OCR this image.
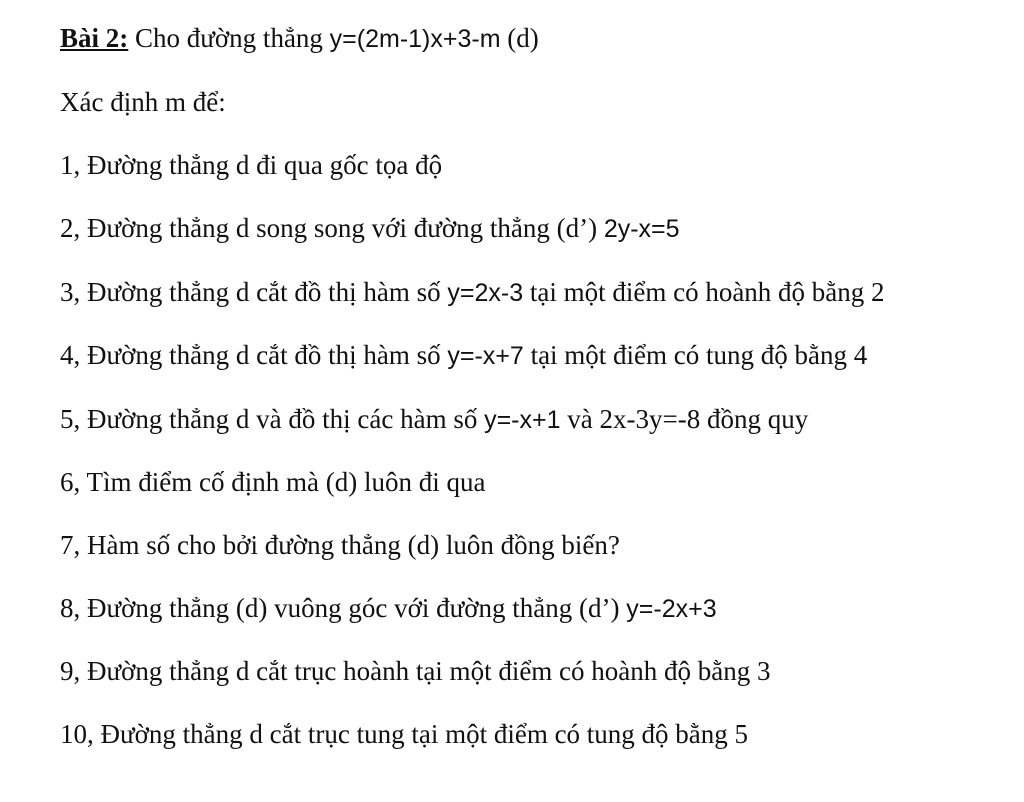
Bài 2: Cho đường thẳng y=(2m-1)x+3-m (d)
Xác định m để:
1, Đường thẳng d đi qua gốc tọa độ
2, Đường thẳng d song song với đường thẳng (d’) 2y-x=5
3, Đường thẳng d cắt đồ thị hàm số y=2x-3 tại một điểm có hoành độ bằng 2
4, Đường thẳng d cắt đồ thị hàm số y=-x+7 tại một điểm có tung độ bằng 4
5, Đường thẳng d và đồ thị các hàm số y=-x+1 và 2x-3y=-8 đồng quy
6, Tìm điểm cố định mà (d) luôn đi qua
7, Hàm số cho bởi đường thẳng (d) luôn đồng biến?
8, Đường thẳng (d) vuông góc với đường thẳng (d’) y=-2x+3
9, Đường thẳng d cắt trục hoành tại một điểm có hoành độ bằng 3
10, Đường thẳng d cắt trục tung tại một điểm có tung độ bằng 5
